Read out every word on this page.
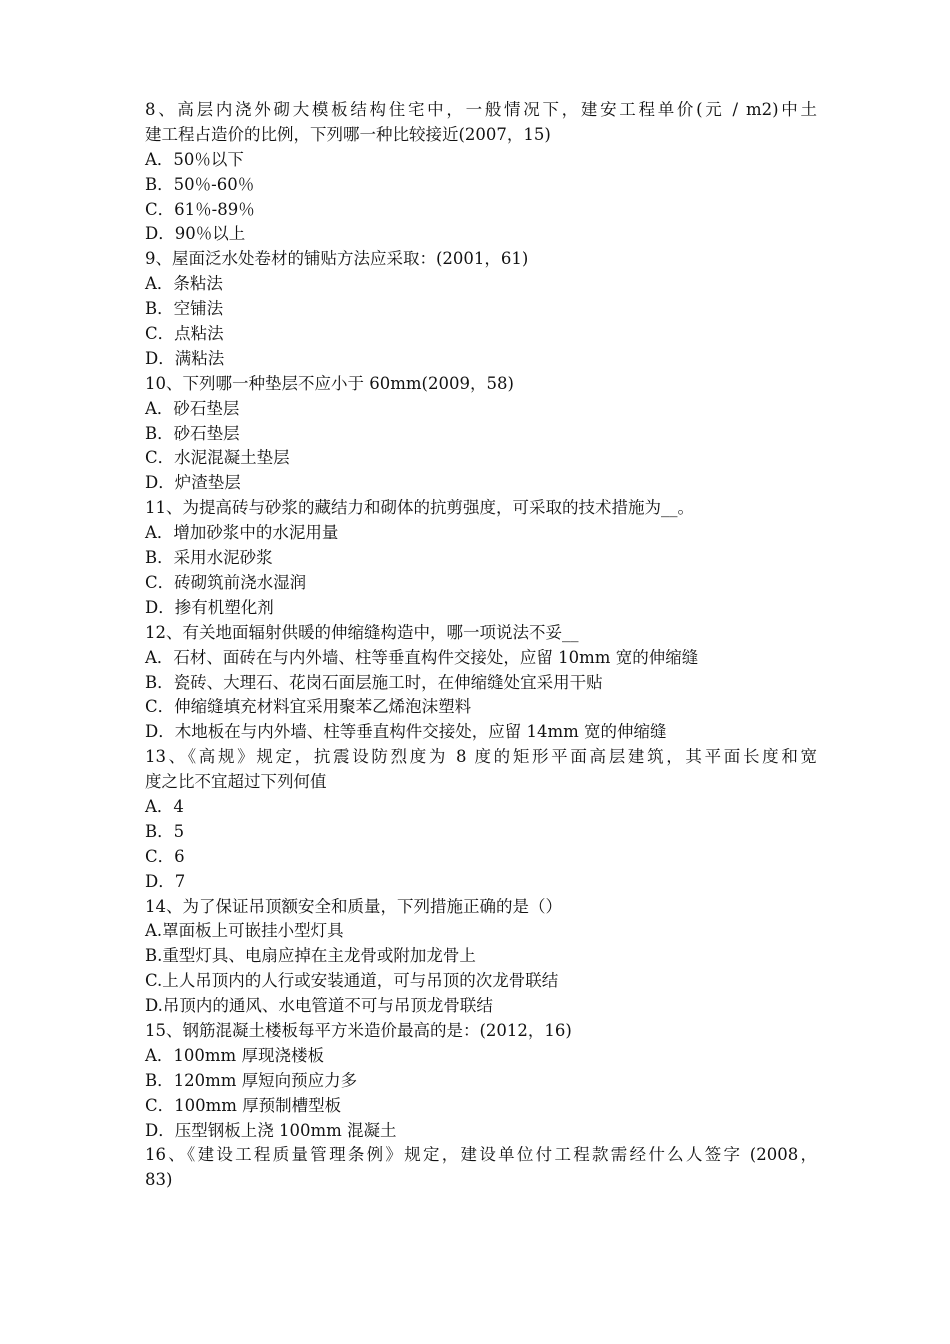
8、高层内浇外砌大模板结构住宅中，一般情况下，建安工程单价(元 / m2)中土
建工程占造价的比例，下列哪一种比较接近(2007，15)
A．50％以下
B．50％-60％
C．61％-89％
D．90％以上
9、屋面泛水处卷材的铺贴方法应采取：(2001，61)
A．条粘法
B．空铺法
C．点粘法
D．满粘法
10、下列哪一种垫层不应小于 60mm(2009，58)
A．砂石垫层
B．砂石垫层
C．水泥混凝土垫层
D．炉渣垫层
11、为提高砖与砂浆的藏结力和砌体的抗剪强度，可采取的技术措施为__。
A．增加砂浆中的水泥用量
B．采用水泥砂浆
C．砖砌筑前浇水湿润
D．掺有机塑化剂
12、有关地面辐射供暖的伸缩缝构造中，哪一项说法不妥__
A．石材、面砖在与内外墙、柱等垂直构件交接处，应留 10mm 宽的伸缩缝
B．瓷砖、大理石、花岗石面层施工时，在伸缩缝处宜采用干贴
C．伸缩缝填充材料宜采用聚苯乙烯泡沫塑料
D．木地板在与内外墙、柱等垂直构件交接处，应留 14mm 宽的伸缩缝
13、《高规》规定，抗震设防烈度为 8 度的矩形平面高层建筑，其平面长度和宽
度之比不宜超过下列何值
A．4
B．5
C．6
D．7
14、为了保证吊顶额安全和质量，下列措施正确的是（）
A.罩面板上可嵌挂小型灯具
B.重型灯具、电扇应掉在主龙骨或附加龙骨上
C.上人吊顶内的人行或安装通道，可与吊顶的次龙骨联结
D.吊顶内的通风、水电管道不可与吊顶龙骨联结
15、钢筋混凝土楼板每平方米造价最高的是：(2012，16)
A．100mm 厚现浇楼板
B．120mm 厚短向预应力多
C．100mm 厚预制槽型板
D．压型钢板上浇 100mm 混凝土
16、《建设工程质量管理条例》规定，建设单位付工程款需经什么人签字 (2008，
83)
